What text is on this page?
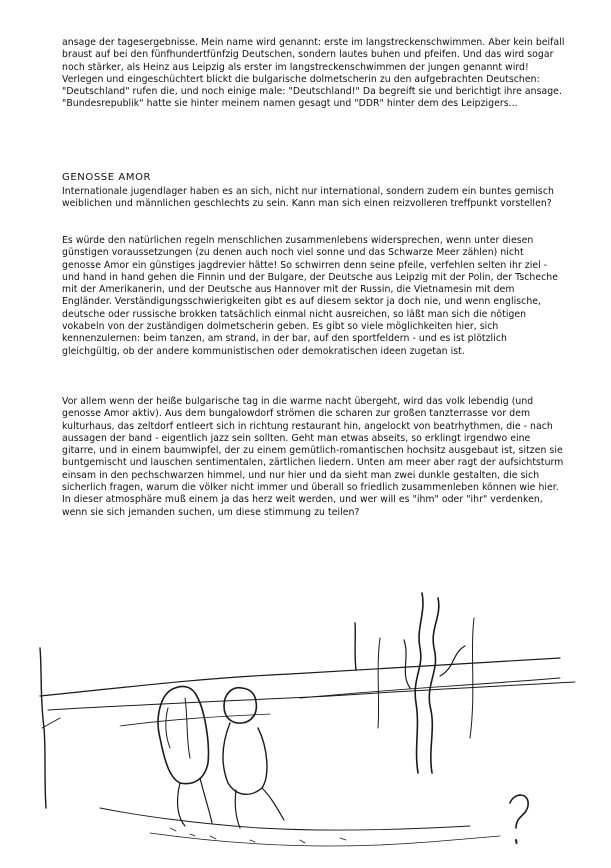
ansage der tagesergebnisse. Mein name wird genannt: erste im langstreckenschwimmen. Aber kein beifall braust auf bei den fünfhundertfünfzig Deutschen, sondern lautes buhen und pfeifen. Und das wird sogar noch stärker, als Heinz aus Leipzig als erster im langstreckenschwimmen der jungen genannt wird! Verlegen und eingeschüchtert blickt die bulgarische dolmetscherin zu den aufgebrachten Deutschen: "Deutschland" rufen die, und noch einige male: "Deutschland!" Da begreift sie und berichtigt ihre ansage. "Bundesrepublik" hatte sie hinter meinem namen gesagt und "DDR" hinter dem des Leipzigers...
GENOSSE AMOR
Internationale jugendlager haben es an sich, nicht nur international, sondern zudem ein buntes gemisch weiblichen und männlichen geschlechts zu sein. Kann man sich einen reizvolleren treffpunkt vorstellen?
Es würde den natürlichen regeln menschlichen zusammenlebens widersprechen, wenn unter diesen günstigen voraussetzungen (zu denen auch noch viel sonne und das Schwarze Meer zählen) nicht genosse Amor ein günstiges jagdrevier hätte! So schwirren denn seine pfeile, verfehlen selten ihr ziel - und hand in hand gehen die Finnin und der Bulgare, der Deutsche aus Leipzig mit der Polin, der Tscheche mit der Amerikanerin, und der Deutsche aus Hannover mit der Russin, die Vietnamesin mit dem Engländer. Verständigungsschwierigkeiten gibt es auf diesem sektor ja doch nie, und wenn englische, deutsche oder russische brokken tatsächlich einmal nicht ausreichen, so läßt man sich die nötigen vokabeln von der zuständigen dolmetscherin geben. Es gibt so viele möglichkeiten hier, sich kennenzulernen: beim tanzen, am strand, in der bar, auf den sportfeldern - und es ist plötzlich gleichgültig, ob der andere kommunistischen oder demokratischen ideen zugetan ist.
Vor allem wenn der heiße bulgarische tag in die warme nacht übergeht, wird das volk lebendig (und genosse Amor aktiv). Aus dem bungalowdorf strömen die scharen zur großen tanzterrasse vor dem kulturhaus, das zeltdorf entleert sich in richtung restaurant hin, angelockt von beatrhythmen, die - nach aussagen der band - eigentlich jazz sein sollten. Geht man etwas abseits, so erklingt irgendwo eine gitarre, und in einem baumwipfel, der zu einem gemütlich-romantischen hochsitz ausgebaut ist, sitzen sie buntgemischt und lauschen sentimentalen, zärtlichen liedern. Unten am meer aber ragt der aufsichtsturm einsam in den pechschwarzen himmel, und nur hier und da sieht man zwei dunkle gestalten, die sich sicherlich fragen, warum die völker nicht immer und überall so friedlich zusammenleben können wie hier. In dieser atmosphäre muß einem ja das herz weit werden, und wer will es "ihm" oder "ihr" verdenken, wenn sie sich jemanden suchen, um diese stimmung zu teilen?
